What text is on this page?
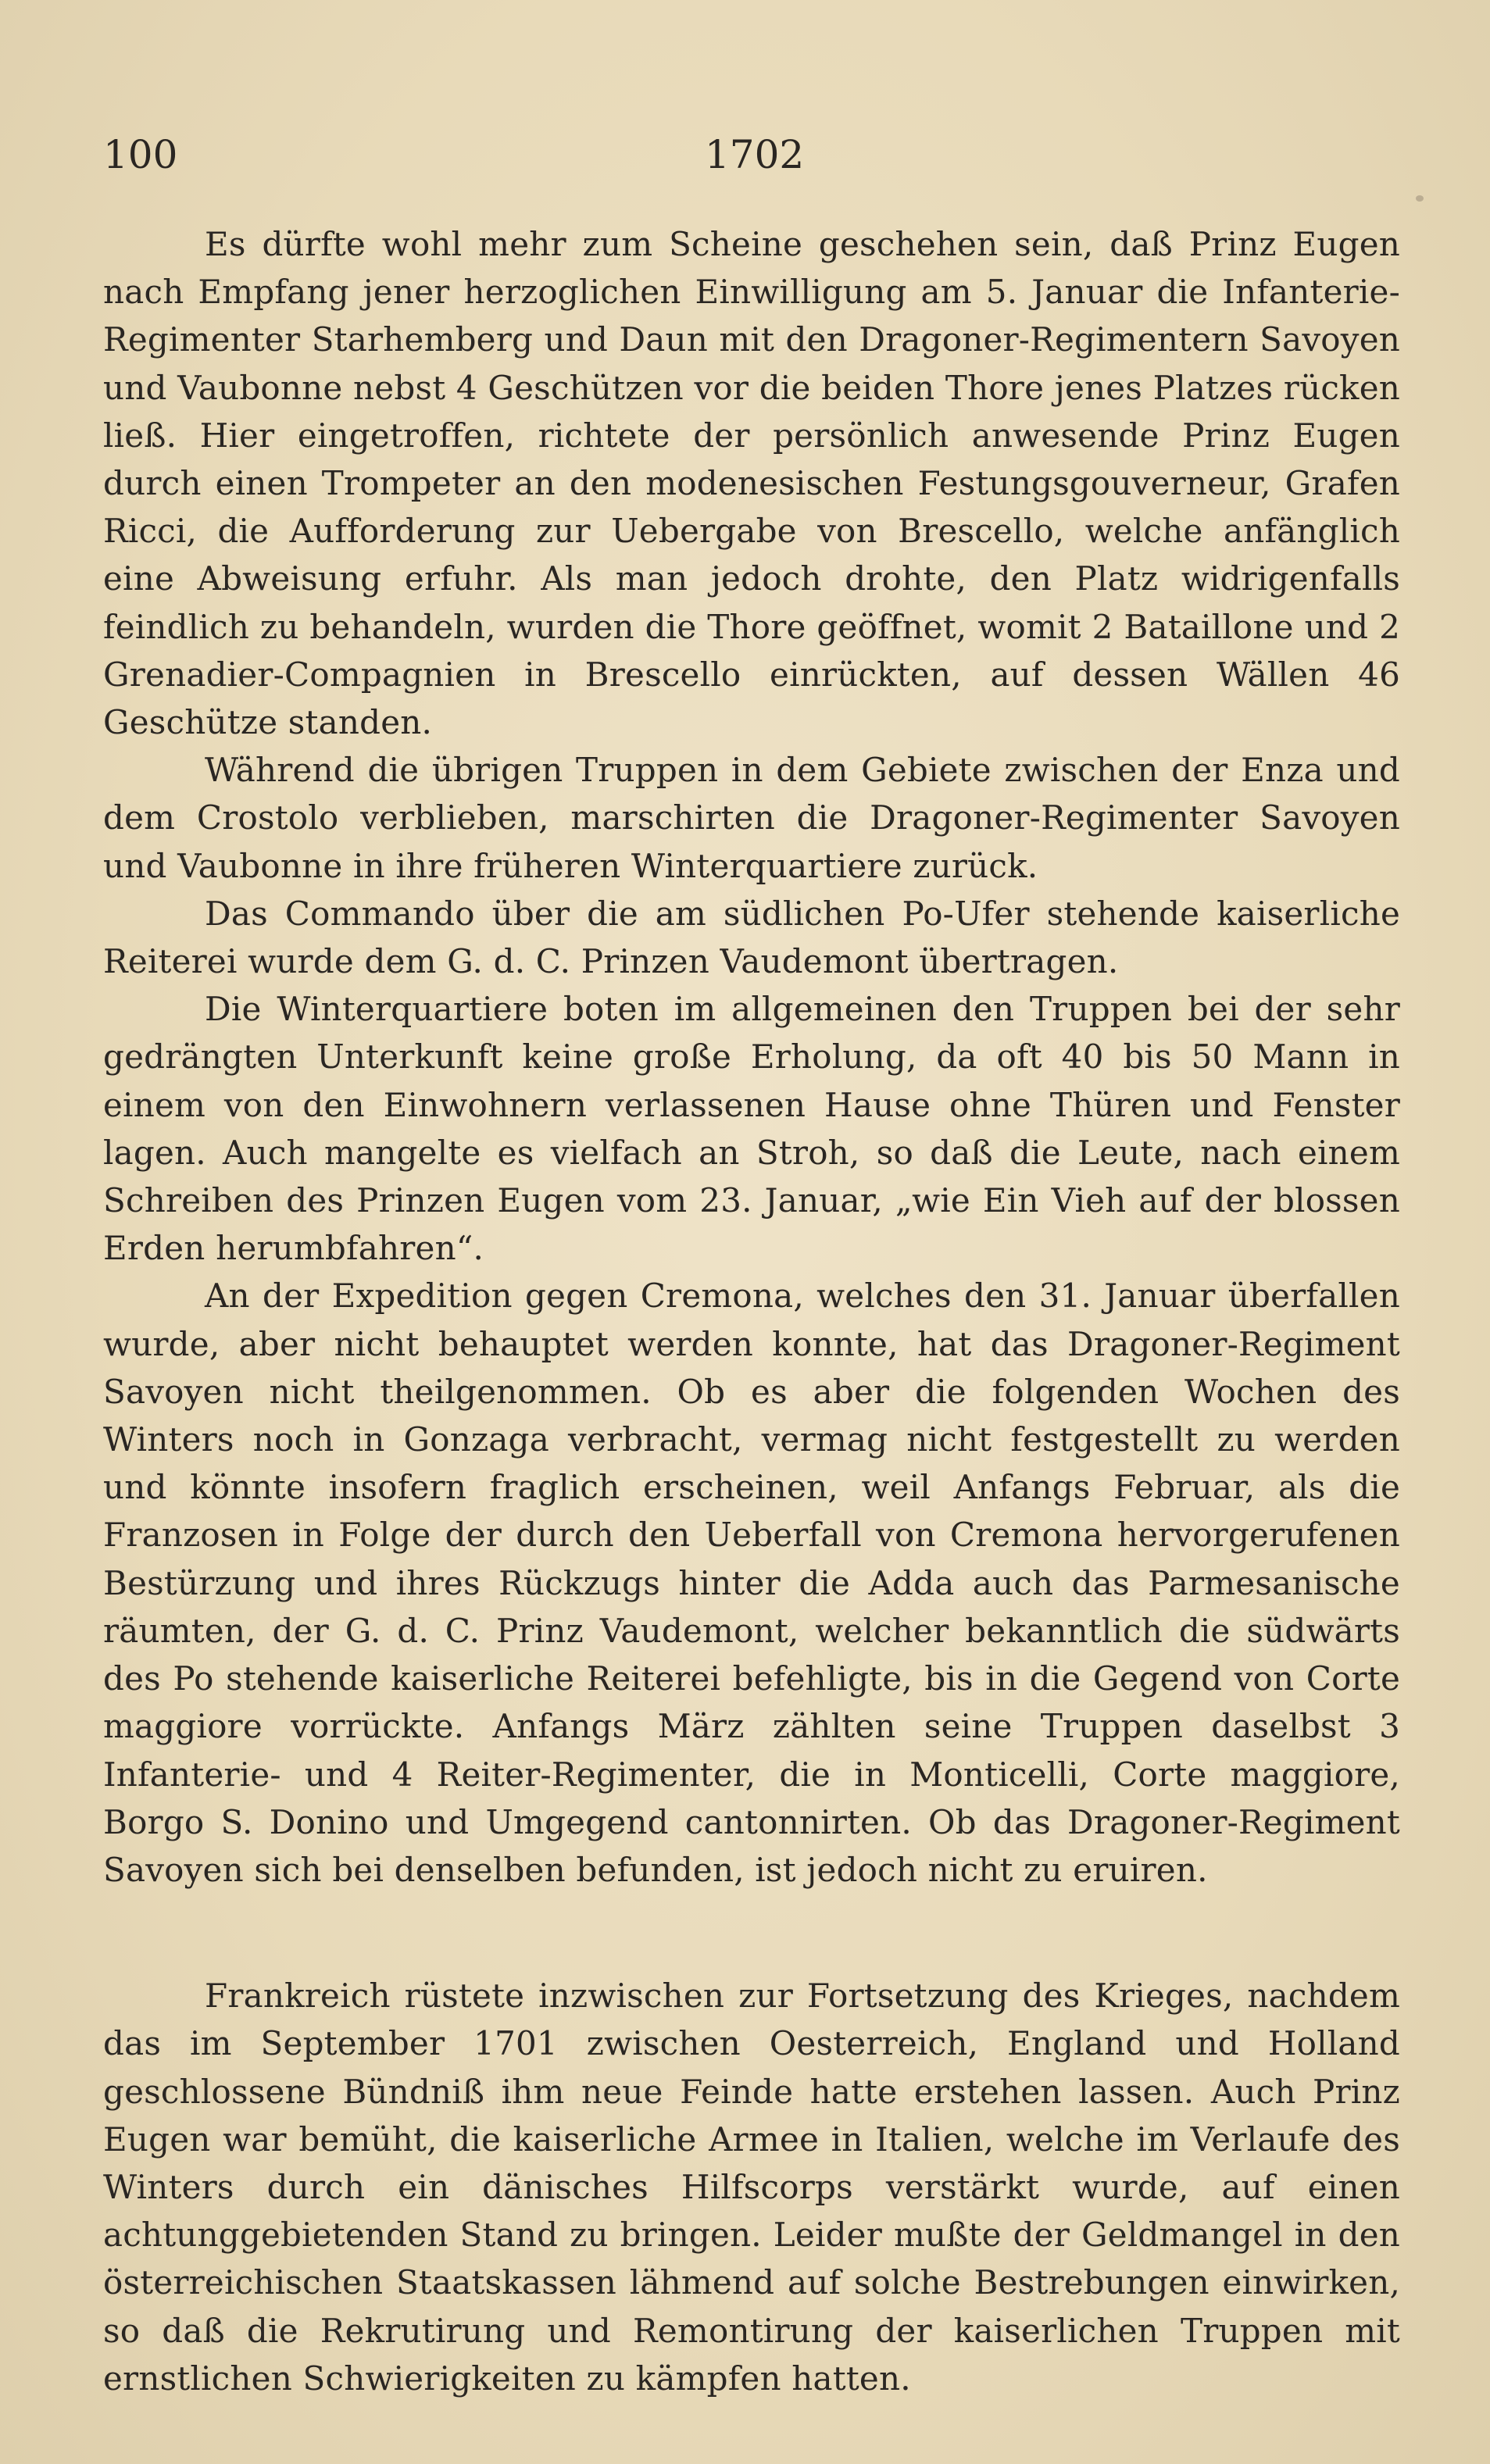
100	1702

Es dürfte wohl mehr zum Scheine geschehen sein, daß Prinz Eugen nach Empfang jener herzoglichen Einwilligung am 5. Januar die Infanterie-Regimenter Starhemberg und Daun mit den Dragoner-Regimentern Savoyen und Vaubonne nebst 4 Geschützen vor die beiden Thore jenes Platzes rücken ließ. Hier eingetroffen, richtete der persönlich anwesende Prinz Eugen durch einen Trompeter an den modenesischen Festungsgouverneur, Grafen Ricci, die Aufforderung zur Uebergabe von Brescello, welche anfänglich eine Abweisung erfuhr. Als man jedoch drohte, den Platz widrigenfalls feindlich zu behandeln, wurden die Thore geöffnet, womit 2 Bataillone und 2 Grenadier-Compagnien in Brescello einrückten, auf dessen Wällen 46 Geschütze standen.

Während die übrigen Truppen in dem Gebiete zwischen der Enza und dem Crostolo verblieben, marschirten die Dragoner-Regimenter Savoyen und Vaubonne in ihre früheren Winterquartiere zurück.

Das Commando über die am südlichen Po-Ufer stehende kaiserliche Reiterei wurde dem G. d. C. Prinzen Vaudemont übertragen.

Die Winterquartiere boten im allgemeinen den Truppen bei der sehr gedrängten Unterkunft keine große Erholung, da oft 40 bis 50 Mann in einem von den Einwohnern verlassenen Hause ohne Thüren und Fenster lagen. Auch mangelte es vielfach an Stroh, so daß die Leute, nach einem Schreiben des Prinzen Eugen vom 23. Januar, „wie Ein Vieh auf der blossen Erden herumbfahren“.

An der Expedition gegen Cremona, welches den 31. Januar überfallen wurde, aber nicht behauptet werden konnte, hat das Dragoner-Regiment Savoyen nicht theilgenommen. Ob es aber die folgenden Wochen des Winters noch in Gonzaga verbracht, vermag nicht festgestellt zu werden und könnte insofern fraglich erscheinen, weil Anfangs Februar, als die Franzosen in Folge der durch den Ueberfall von Cremona hervorgerufenen Bestürzung und ihres Rückzugs hinter die Adda auch das Parmesanische räumten, der G. d. C. Prinz Vaudemont, welcher bekanntlich die südwärts des Po stehende kaiserliche Reiterei befehligte, bis in die Gegend von Corte maggiore vorrückte. Anfangs März zählten seine Truppen daselbst 3 Infanterie- und 4 Reiter-Regimenter, die in Monticelli, Corte maggiore, Borgo S. Donino und Umgegend cantonnirten. Ob das Dragoner-Regiment Savoyen sich bei denselben befunden, ist jedoch nicht zu eruiren.

Frankreich rüstete inzwischen zur Fortsetzung des Krieges, nachdem das im September 1701 zwischen Oesterreich, England und Holland geschlossene Bündniß ihm neue Feinde hatte erstehen lassen. Auch Prinz Eugen war bemüht, die kaiserliche Armee in Italien, welche im Verlaufe des Winters durch ein dänisches Hilfscorps verstärkt wurde, auf einen achtunggebietenden Stand zu bringen. Leider mußte der Geldmangel in den österreichischen Staatskassen lähmend auf solche Bestrebungen einwirken, so daß die Rekrutirung und Remontirung der kaiserlichen Truppen mit ernstlichen Schwierigkeiten zu kämpfen hatten.
